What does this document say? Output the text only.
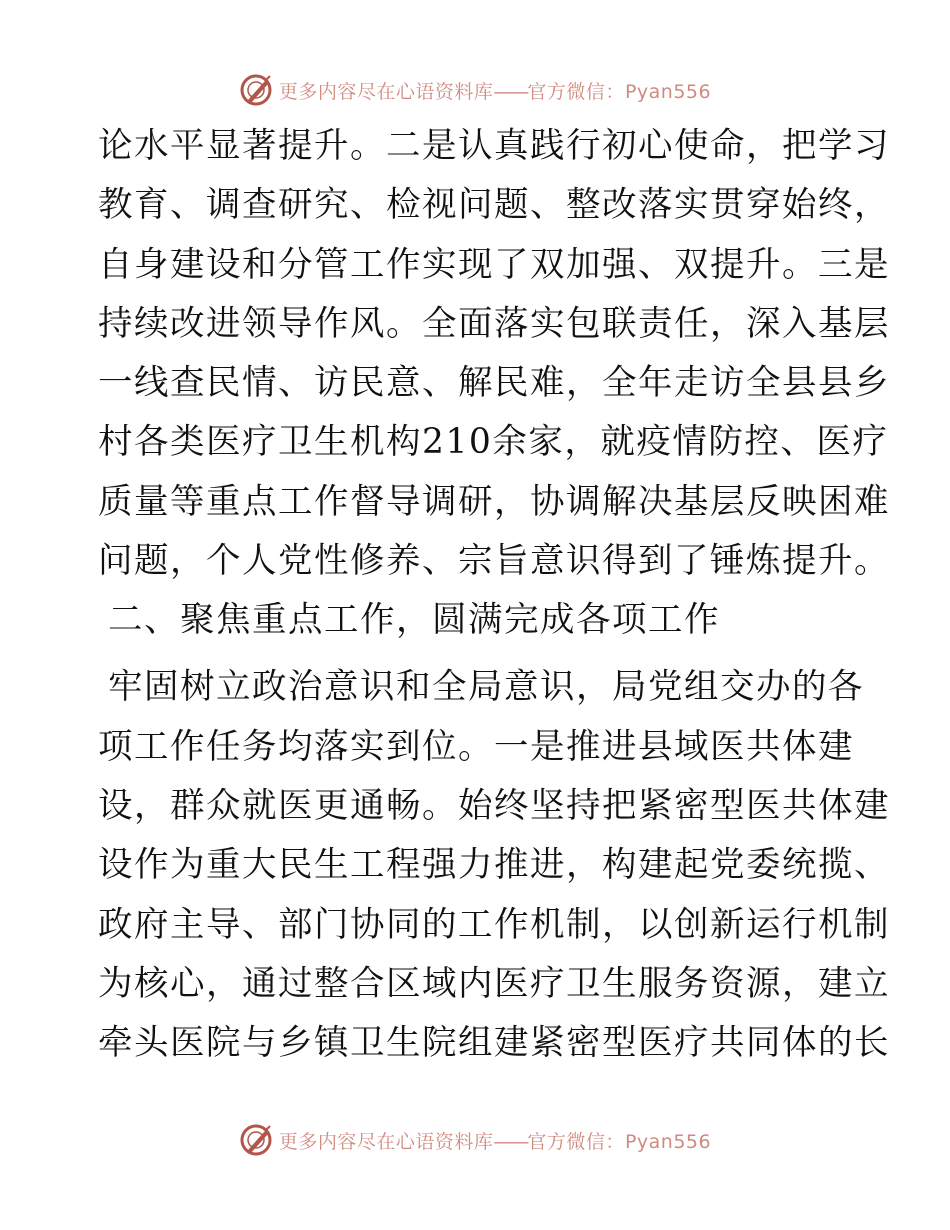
更多内容尽在心语资料库——官方微信：Pyan556
论水平显著提升。二是认真践行初心使命，把学习
教育、调查研究、检视问题、整改落实贯穿始终，
自身建设和分管工作实现了双加强、双提升。三是
持续改进领导作风。全面落实包联责任，深入基层
一线查民情、访民意、解民难，全年走访全县县乡
村各类医疗卫生机构210余家，就疫情防控、医疗
质量等重点工作督导调研，协调解决基层反映困难
问题，个人党性修养、宗旨意识得到了锤炼提升。
二、聚焦重点工作，圆满完成各项工作
牢固树立政治意识和全局意识，局党组交办的各
项工作任务均落实到位。一是推进县域医共体建
设，群众就医更通畅。始终坚持把紧密型医共体建
设作为重大民生工程强力推进，构建起党委统揽、
政府主导、部门协同的工作机制，以创新运行机制
为核心，通过整合区域内医疗卫生服务资源，建立
牵头医院与乡镇卫生院组建紧密型医疗共同体的长
更多内容尽在心语资料库——官方微信：Pyan556
